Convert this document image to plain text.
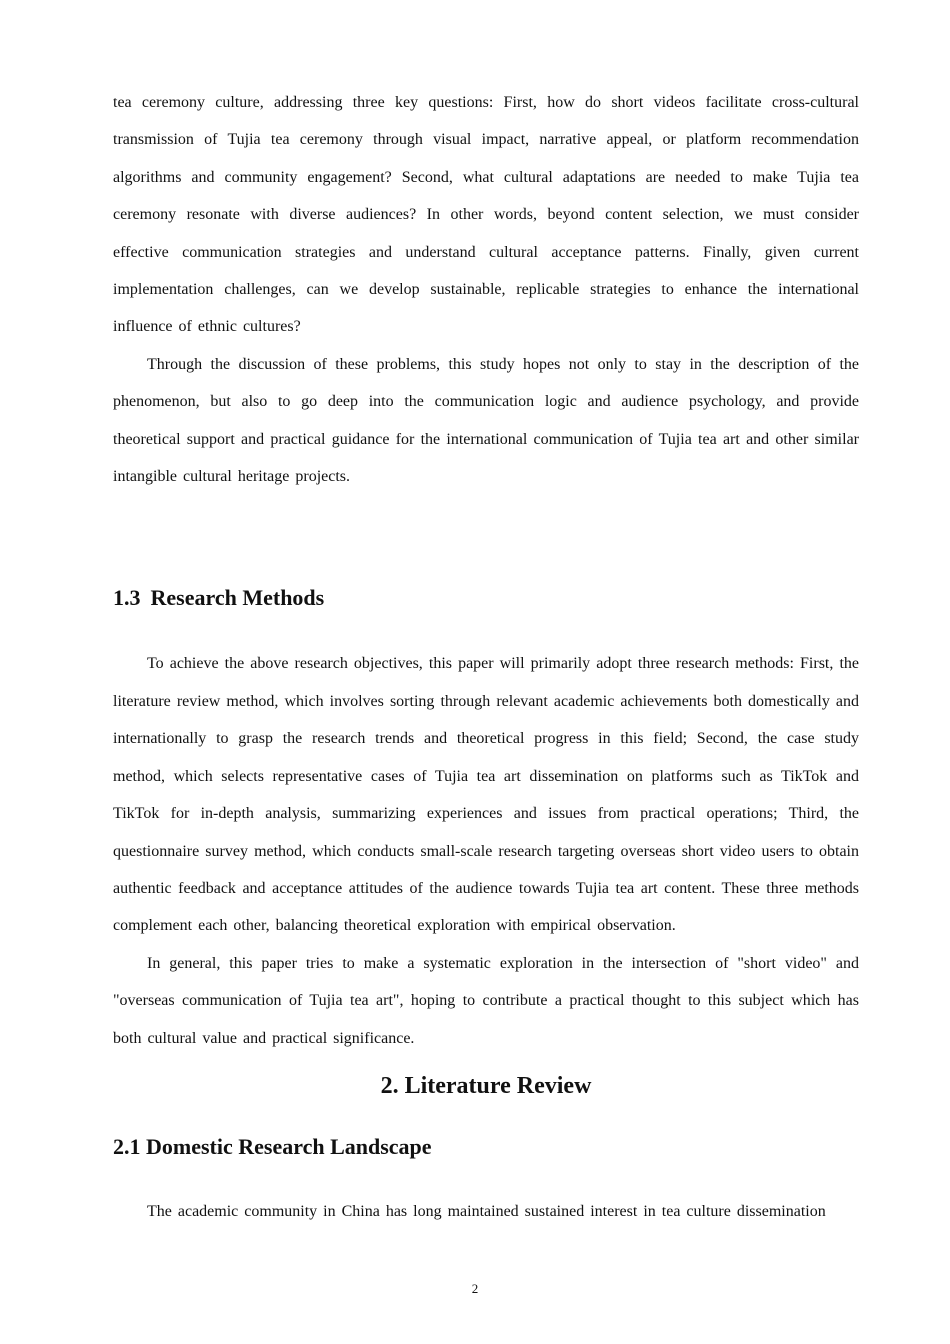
tea ceremony culture, addressing three key questions: First, how do short videos facilitate cross-cultural transmission of Tujia tea ceremony through visual impact, narrative appeal, or platform recommendation algorithms and community engagement? Second, what cultural adaptations are needed to make Tujia tea ceremony resonate with diverse audiences? In other words, beyond content selection, we must consider effective communication strategies and understand cultural acceptance patterns. Finally, given current implementation challenges, can we develop sustainable, replicable strategies to enhance the international influence of ethnic cultures?

Through the discussion of these problems, this study hopes not only to stay in the description of the phenomenon, but also to go deep into the communication logic and audience psychology, and provide theoretical support and practical guidance for the international communication of Tujia tea art and other similar intangible cultural heritage projects.

1.3 Research Methods

To achieve the above research objectives, this paper will primarily adopt three research methods: First, the literature review method, which involves sorting through relevant academic achievements both domestically and internationally to grasp the research trends and theoretical progress in this field; Second, the case study method, which selects representative cases of Tujia tea art dissemination on platforms such as TikTok and TikTok for in-depth analysis, summarizing experiences and issues from practical operations; Third, the questionnaire survey method, which conducts small-scale research targeting overseas short video users to obtain authentic feedback and acceptance attitudes of the audience towards Tujia tea art content. These three methods complement each other, balancing theoretical exploration with empirical observation.

In general, this paper tries to make a systematic exploration in the intersection of "short video" and "overseas communication of Tujia tea art", hoping to contribute a practical thought to this subject which has both cultural value and practical significance.

2. Literature Review
2.1 Domestic Research Landscape

The academic community in China has long maintained sustained interest in tea culture dissemination

2
